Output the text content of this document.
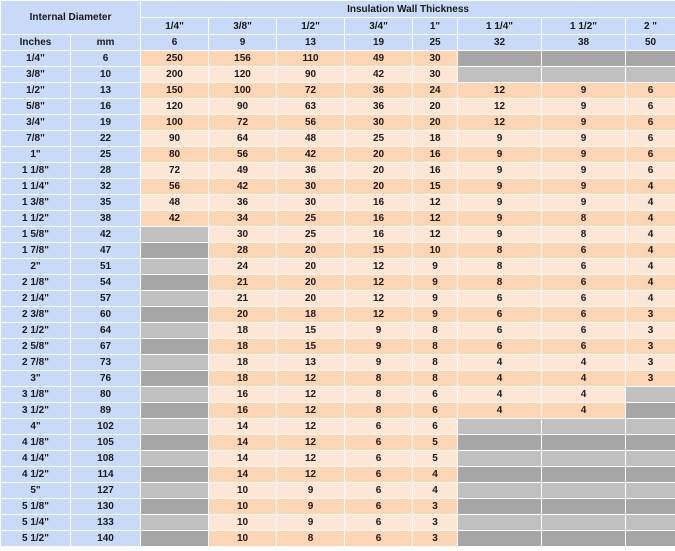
Internal Diameter		Insulation Wall Thickness							
		1/4"	3/8"	1/2"	3/4"	1"	1 1/4"	1 1/2"	2 "
Inches	mm	6	9	13	19	25	32	38	50
1/4"	6	250	156	110	49	30			
3/8"	10	200	120	90	42	30			
1/2"	13	150	100	72	36	24	12	9	6
5/8"	16	120	90	63	36	20	12	9	6
3/4"	19	100	72	56	30	20	12	9	6
7/8"	22	90	64	48	25	18	9	9	6
1"	25	80	56	42	20	16	9	9	6
1 1/8"	28	72	49	36	20	16	9	9	6
1 1/4"	32	56	42	30	20	15	9	9	4
1 3/8"	35	48	36	30	16	12	9	9	4
1 1/2"	38	42	34	25	16	12	9	8	4
1 5/8"	42		30	25	16	12	9	8	4
1 7/8"	47		28	20	15	10	8	6	4
2"	51		24	20	12	9	8	6	4
2 1/8"	54		21	20	12	9	8	6	4
2 1/4"	57		21	20	12	9	6	6	4
2 3/8"	60		20	18	12	9	6	6	3
2 1/2"	64		18	15	9	8	6	6	3
2 5/8"	67		18	15	9	8	6	6	3
2 7/8"	73		18	13	9	8	4	4	3
3"	76		18	12	8	8	4	4	3
3 1/8"	80		16	12	8	6	4	4	
3 1/2"	89		16	12	8	6	4	4	
4"	102		14	12	6	6			
4 1/8"	105		14	12	6	5			
4 1/4"	108		14	12	6	5			
4 1/2"	114		14	12	6	4			
5"	127		10	9	6	4			
5 1/8"	130		10	9	6	3			
5 1/4"	133		10	9	6	3			
5 1/2"	140		10	8	6	3			
